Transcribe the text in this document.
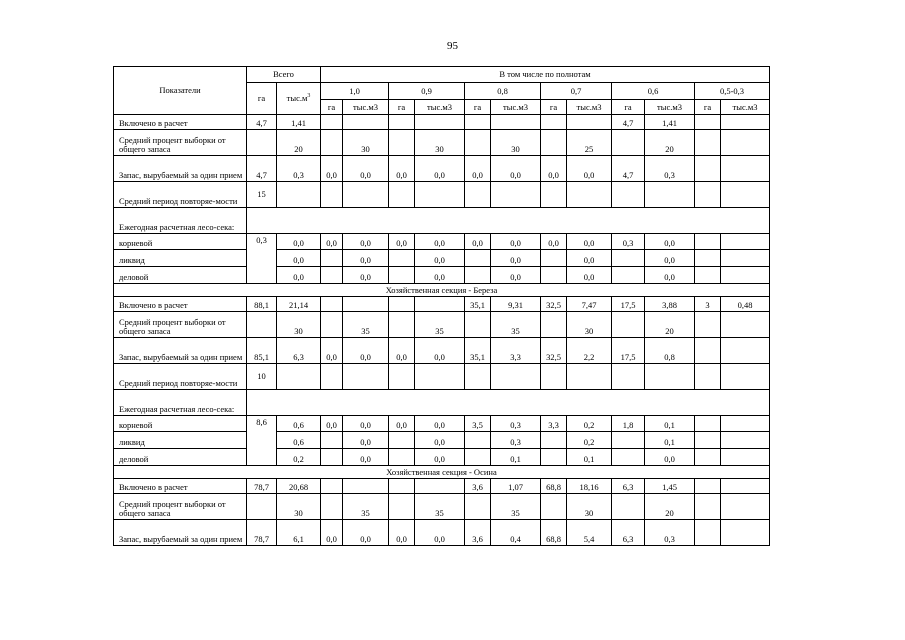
95
Показатели	Всего		В том числе по полнотам											
	га	$тыс.м^3$	1,0		0,9		0,8		0,7		0,6		0,5-0,3	
			га	тыс.м3	га	тыс.м3	га	тыс.м3	га	тыс.м3	га	тыс.м3	га	тыс.м3
Включено в расчет	4,7	1,41									4,7	1,41		
Средний процент выборки от общего запаса		20		30		30		30		25		20		
Запас, вырубаемый за один прием	4,7	0,3	0,0	0,0	0,0	0,0	0,0	0,0	0,0	0,0	4,7	0,3		
Средний период повторяе-мости	15													
Ежегодная расчетная лесо-сека:														
корневой	0,3	0,0	0,0	0,0	0,0	0,0	0,0	0,0	0,0	0,0	0,3	0,0		
ликвид		0,0		0,0		0,0		0,0		0,0		0,0		
деловой		0,0		0,0		0,0		0,0		0,0		0,0		
Хозяйственная секция - Береза														
Включено в расчет	88,1	21,14					35,1	9,31	32,5	7,47	17,5	3,88	3	0,48
Средний процент выборки от общего запаса		30		35		35		35		30		20		
Запас, вырубаемый за один прием	85,1	6,3	0,0	0,0	0,0	0,0	35,1	3,3	32,5	2,2	17,5	0,8		
Средний период повторяе-мости	10													
Ежегодная расчетная лесо-сека:														
корневой	8,6	0,6	0,0	0,0	0,0	0,0	3,5	0,3	3,3	0,2	1,8	0,1		
ликвид		0,6		0,0		0,0		0,3		0,2		0,1		
деловой		0,2		0,0		0,0		0,1		0,1		0,0		
Хозяйственная секция - Осина														
Включено в расчет	78,7	20,68					3,6	1,07	68,8	18,16	6,3	1,45		
Средний процент выборки от общего запаса		30		35		35		35		30		20		
Запас, вырубаемый за один прием	78,7	6,1	0,0	0,0	0,0	0,0	3,6	0,4	68,8	5,4	6,3	0,3		
